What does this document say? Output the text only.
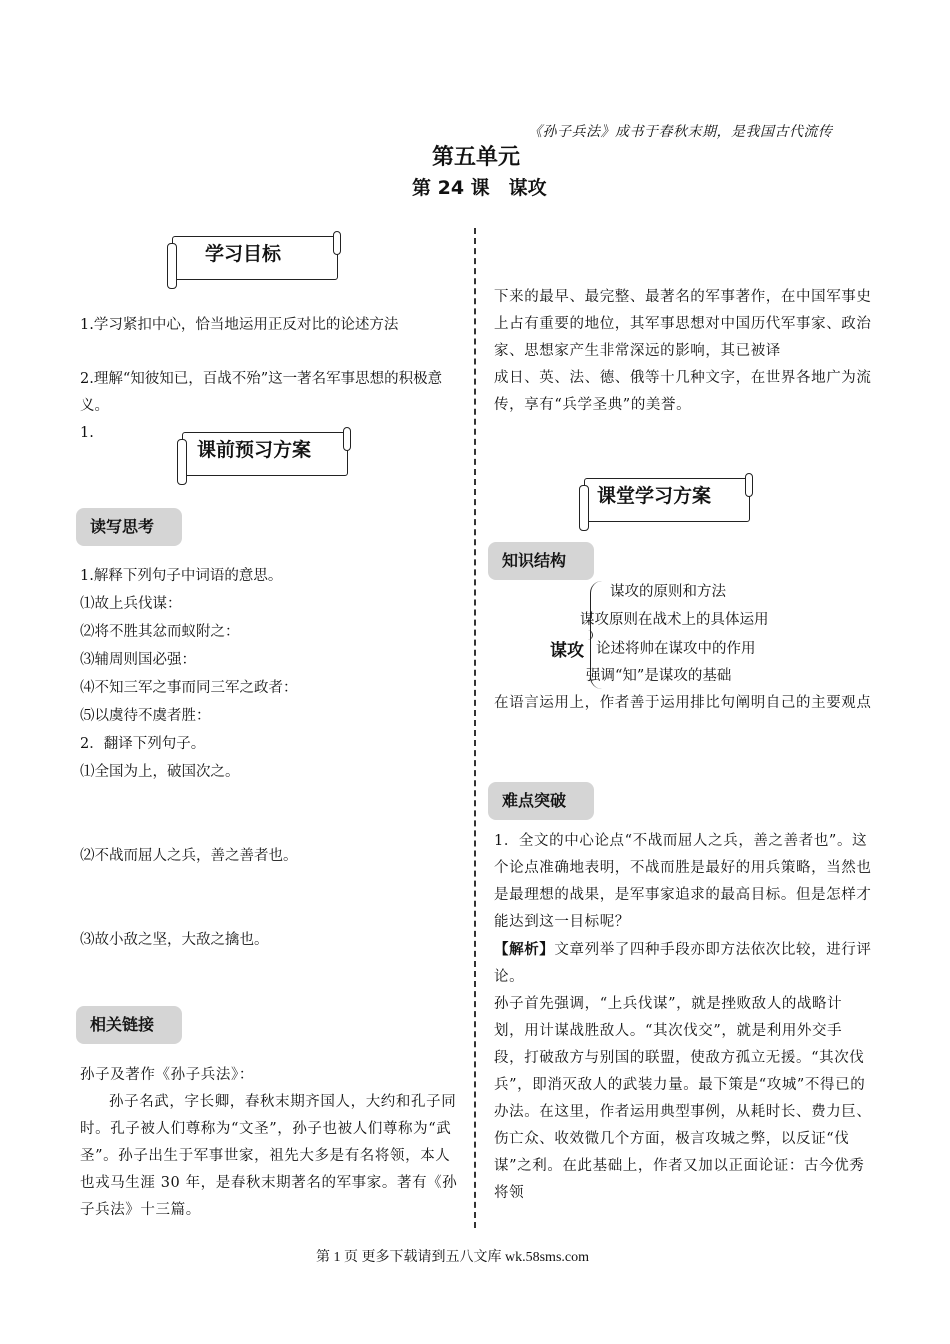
《孙子兵法》成书于春秋末期，是我国古代流传
第五单元
第 24 课　谋攻
学习目标

1.学习紧扣中心，恰当地运用正反对比的论述方法

2.理解“知彼知已，百战不殆”这一著名军事思想的积极意义。

1.

课前预习方案
读写思考

1.解释下列句子中词语的意思。

⑴故上兵伐谋：

⑵将不胜其忿而蚁附之：

⑶辅周则国必强：

⑷不知三军之事而同三军之政者：

⑸以虞待不虞者胜：

2．翻译下列句子。

⑴全国为上，破国次之。

⑵不战而屈人之兵，善之善者也。

⑶故小敌之坚，大敌之擒也。

相关链接

孙子及著作《孙子兵法》：

孙子名武，字长卿，春秋末期齐国人，大约和孔子同时。孔子被人们尊称为“文圣”，孙子也被人们尊称为“武圣”。孙子出生于军事世家，祖先大多是有名将领，本人也戎马生涯 30 年，是春秋末期著名的军事家。著有《孙子兵法》十三篇。

下来的最早、最完整、最著名的军事著作，在中国军事史上占有重要的地位，其军事思想对中国历代军事家、政治家、思想家产生非常深远的影响，其已被译

成日、英、法、德、俄等十几种文字，在世界各地广为流传，享有“兵学圣典”的美誉。

课堂学习方案
知识结构
谋攻
谋攻的原则和方法
谋攻原则在战术上的具体运用
论述将帅在谋攻中的作用
强调“知”是谋攻的基础
在语言运用上，作者善于运用排比句阐明自己的主要观点
难点突破

1．全文的中心论点“不战而屈人之兵，善之善者也”。这个论点准确地表明，不战而胜是最好的用兵策略，当然也是最理想的战果，是军事家追求的最高目标。但是怎样才能达到这一目标呢？

【解析】文章列举了四种手段亦即方法依次比较，进行评论。

孙子首先强调，“上兵伐谋”，就是挫败敌人的战略计划，用计谋战胜敌人。“其次伐交”，就是利用外交手段，打破敌方与别国的联盟，使敌方孤立无援。“其次伐兵”，即消灭敌人的武装力量。最下策是“攻城”不得已的办法。在这里，作者运用典型事例，从耗时长、费力巨、伤亡众、收效微几个方面，极言攻城之弊，以反证“伐谋”之利。在此基础上，作者又加以正面论证：古今优秀将领

第 1 页 更多下载请到五八文库 wk.58sms.com
